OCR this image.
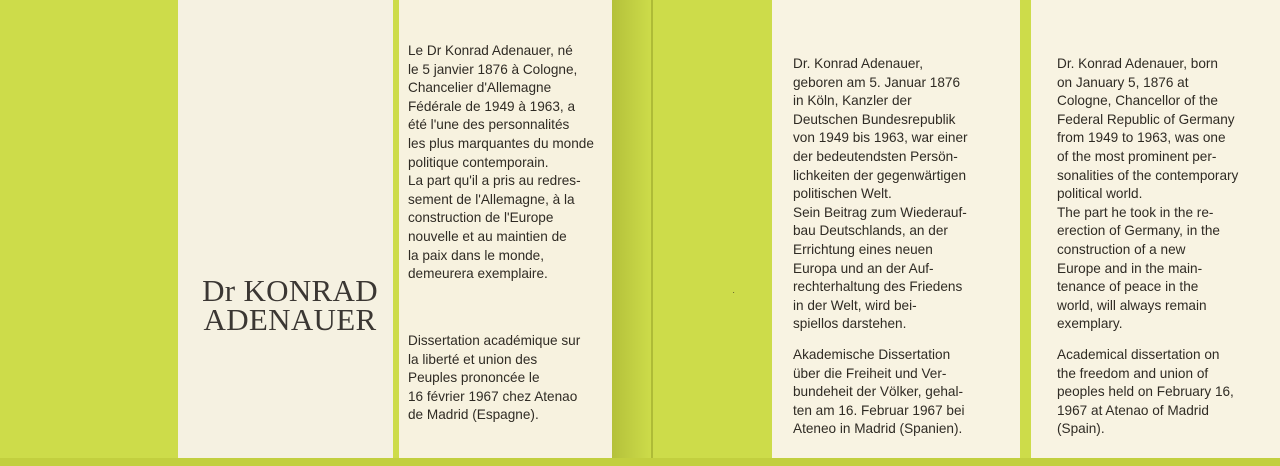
⋅
Dr KONRAD
ADENAUER
Le Dr Konrad Adenauer, né
le 5 janvier 1876 à Cologne,
Chancelier d'Allemagne
Fédérale de 1949 à 1963, a
été l'une des personnalités
les plus marquantes du monde
politique contemporain.
La part qu'il a pris au redres-
sement de l'Allemagne, à la
construction de l'Europe
nouvelle et au maintien de
la paix dans le monde,
demeurera exemplaire.
Dissertation académique sur
la liberté et union des
Peuples prononcée le
16 février 1967 chez Atenao
de Madrid (Espagne).
Dr. Konrad Adenauer,
geboren am 5. Januar 1876
in Köln, Kanzler der
Deutschen Bundesrepublik
von 1949 bis 1963, war einer
der bedeutendsten Persön-
lichkeiten der gegenwärtigen
politischen Welt.
Sein Beitrag zum Wiederauf-
bau Deutschlands, an der
Errichtung eines neuen
Europa und an der Auf-
rechterhaltung des Friedens
in der Welt, wird bei-
spiellos darstehen.
Akademische Dissertation
über die Freiheit und Ver-
bundeheit der Völker, gehal-
ten am 16. Februar 1967 bei
Ateneo in Madrid (Spanien).
Dr. Konrad Adenauer, born
on January 5, 1876 at
Cologne, Chancellor of the
Federal Republic of Germany
from 1949 to 1963, was one
of the most prominent per-
sonalities of the contemporary
political world.
The part he took in the re-
erection of Germany, in the
construction of a new
Europe and in the main-
tenance of peace in the
world, will always remain
exemplary.
Academical dissertation on
the freedom and union of
peoples held on February 16,
1967 at Atenao of Madrid
(Spain).
